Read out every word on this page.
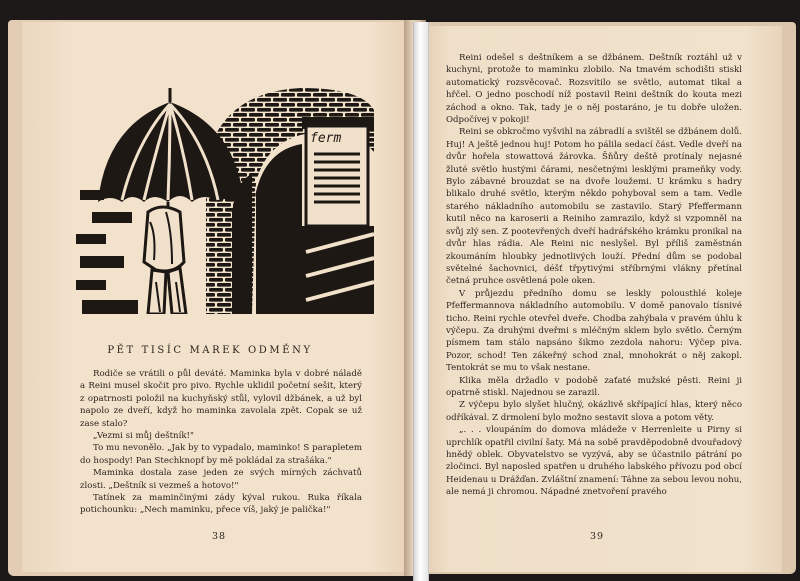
ferm
PĚT TISÍC MAREK ODMĚNY

Rodiče se vrátili o půl deváté. Maminka byla v dobré náladě a Reini musel skočit pro pivo. Rychle uklidil početní sešit, který z opatrnosti položil na kuchyňský stůl, vylovil džbánek, a už byl napolo ze dveří, když ho maminka zavolala zpět. Copak se už zase stalo?

„Vezmi si můj deštník!"

To mu nevonělo. „Jak by to vypadalo, maminko! S parapletem do hospody! Pan Stechknopf by mě pokládal za strašáka."

Maminka dostala zase jeden ze svých mírných záchvatů zlosti. „Deštník si vezmeš a hotovo!"

Tatínek za maminčinými zády kýval rukou. Ruka říkala potichounku: „Nech maminku, přece víš, jaký je palička!"

38

Reini odešel s deštníkem a se džbánem. Deštník roztáhl už v kuchyni, protože to maminku zlobilo. Na tmavém schodišti stiskl automatický rozsvěcovač. Rozsvítilo se světlo, automat tikal a hřčel. O jedno poschodí níž postavil Reini deštník do kouta mezi záchod a okno. Tak, tady je o něj postaráno, je tu dobře uložen. Odpočívej v pokoji!

Reini se obkročmo vyšvihl na zábradlí a svištěl se džbánem dolů. Huj! A ještě jednou huj! Potom ho pálila sedací část. Vedle dveří na dvůr hořela stowattová žárovka. Šňůry deště protínaly nejasné žluté světlo hustými čárami, nesčetnými lesklými prameňky vody. Bylo zábavné brouzdat se na dvoře loužemi. U krámku s hadry blikalo druhé světlo, kterým někdo pohyboval sem a tam. Vedle starého nákladního automobilu se zastavilo. Starý Pfeffermann kutil něco na karoserii a Reiniho zamrazilo, když si vzpomněl na svůj zlý sen. Z pootevřených dveří hadrářského krámku pronikal na dvůr hlas rádia. Ale Reini nic neslyšel. Byl příliš zaměstnán zkoumáním hloubky jednotlivých louží. Přední dům se podobal světelné šachovnici, déšť třpytivými stříbrnými vlákny přetínal četná pruhce osvětlená pole oken.

V průjezdu předního domu se leskly polousthlé koleje Pfeffermannova nákladního automobilu. V domě panovalo tísnivé ticho. Reini rychle otevřel dveře. Chodba zahýbala v pravém úhlu k výčepu. Za druhými dveřmi s mléčným sklem bylo světlo. Černým písmem tam stálo napsáno šikmo zezdola nahoru: Výčep piva. Pozor, schod! Ten zákeřný schod znal, mnohokrát o něj zakopl. Tentokrát se mu to však nestane.

Klika měla držadlo v podobě zaťaté mužské pěsti. Reini ji opatrně stiskl. Najednou se zarazil.

Z výčepu bylo slyšet hlučný, okázlivě skřípající hlas, který něco odříkával. Z drmolení bylo možno sestavit slova a potom věty.

„. . . vloupáním do domova mládeže v Herrenleite u Pirny si uprchlík opatřil civilní šaty. Má na sobě pravděpodobně dvouřadový hnědý oblek. Obyvatelstvo se vyzývá, aby se účastnilo pátrání po zločinci. Byl naposled spatřen u druhého labského přívozu pod obcí Heidenau u Drážďan. Zvláštní znamení: Táhne za sebou levou nohu, ale nemá ji chromou. Nápadné znetvoření pravého

39
